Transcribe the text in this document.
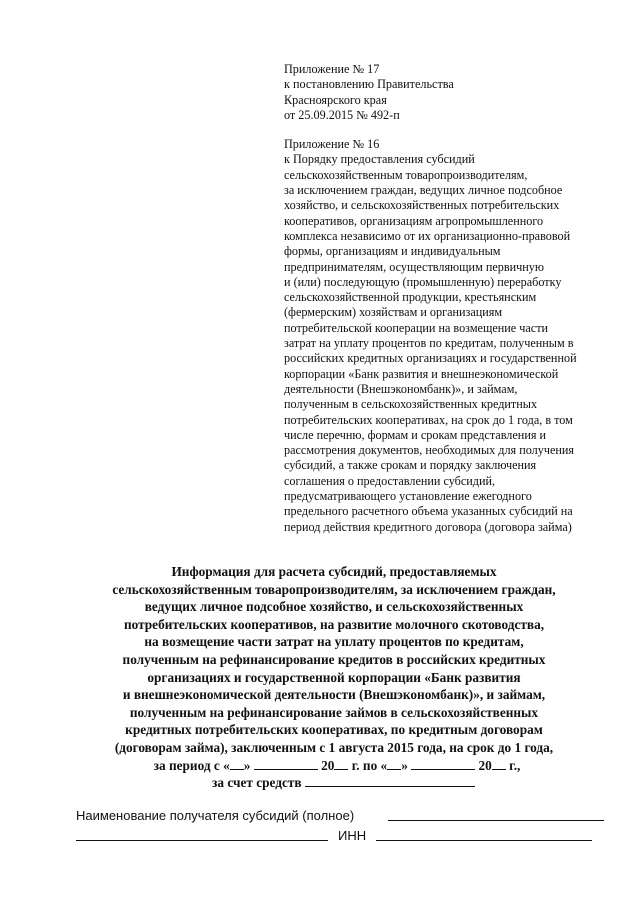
Приложение № 17
к постановлению Правительства
Красноярского края
от 25.09.2015 № 492-п
Приложение № 16
к Порядку предоставления субсидий
сельскохозяйственным товаропроизводителям,
за исключением граждан, ведущих личное подсобное
хозяйство, и сельскохозяйственных потребительских
кооперативов, организациям агропромышленного
комплекса независимо от их организационно-правовой
формы, организациям и индивидуальным
предпринимателям, осуществляющим первичную
и (или) последующую (промышленную) переработку
сельскохозяйственной продукции, крестьянским
(фермерским) хозяйствам и организациям
потребительской кооперации на возмещение части
затрат на уплату процентов по кредитам, полученным в
российских кредитных организациях и государственной
корпорации «Банк развития и внешнеэкономической
деятельности (Внешэкономбанк)», и займам,
полученным в сельскохозяйственных кредитных
потребительских кооперативах, на срок до 1 года, в том
числе перечню, формам и срокам представления и
рассмотрения документов, необходимых для получения
субсидий, а также срокам и порядку заключения
соглашения о предоставлении субсидий,
предусматривающего установление ежегодного
предельного расчетного объема указанных субсидий на
период действия кредитного договора (договора займа)
Информация для расчета субсидий, предоставляемых
сельскохозяйственным товаропроизводителям, за исключением граждан,
ведущих личное подсобное хозяйство, и сельскохозяйственных
потребительских кооперативов, на развитие молочного скотоводства,
на возмещение части затрат на уплату процентов по кредитам,
полученным на рефинансирование кредитов в российских кредитных
организациях и государственной корпорации «Банк развития
и внешнеэкономической деятельности (Внешэкономбанк)», и займам,
полученным на рефинансирование займов в сельскохозяйственных
кредитных потребительских кооперативах, по кредитным договорам
(договорам займа), заключенным с 1 августа 2015 года, на срок до 1 года,
за период с « »	20 г. по « »	20 г.,
за счет средств
Наименование получателя субсидий (полное)
ИНН
